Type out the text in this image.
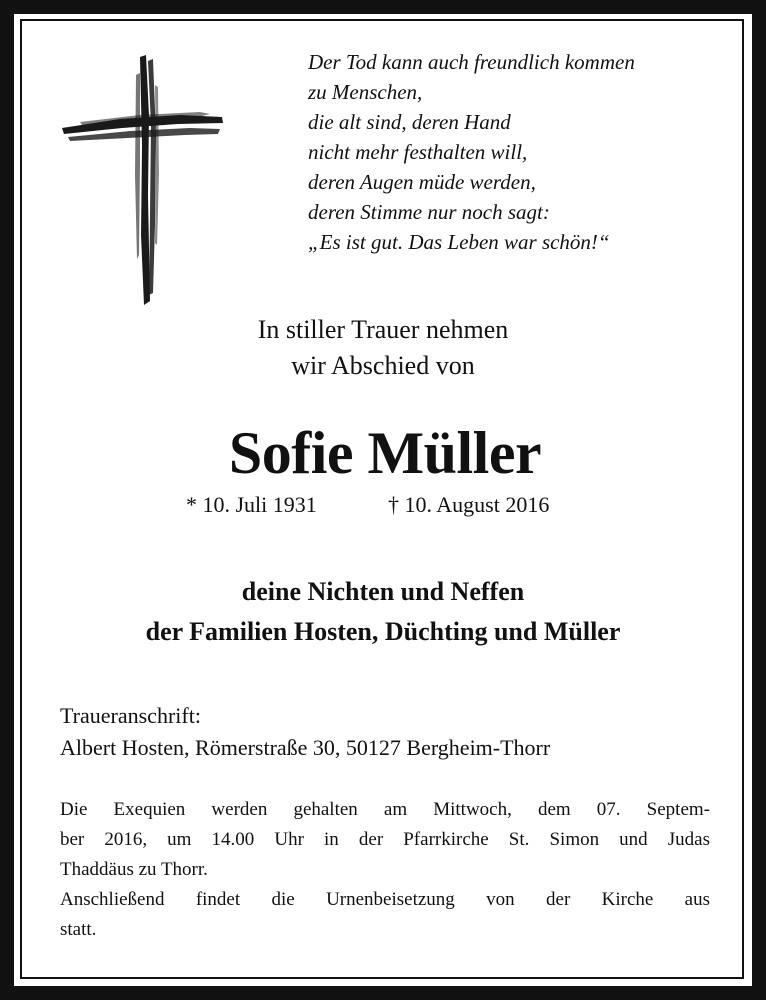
Der Tod kann auch freundlich kommen
zu Menschen,
die alt sind, deren Hand
nicht mehr festhalten will,
deren Augen müde werden,
deren Stimme nur noch sagt:
„Es ist gut. Das Leben war schön!“
In stiller Trauer nehmen
wir Abschied von
Sofie Müller
* 10. Juli 1931	† 10. August 2016
deine Nichten und Neffen
der Familien Hosten, Düchting und Müller
Traueranschrift:
Albert Hosten, Römerstraße 30, 50127 Bergheim-Thorr
Die Exequien werden gehalten am Mittwoch, dem 07. Septem-
ber 2016, um 14.00 Uhr in der Pfarrkirche St. Simon und Judas
Thaddäus zu Thorr.
Anschließend findet die Urnenbeisetzung von der Kirche aus
statt.
